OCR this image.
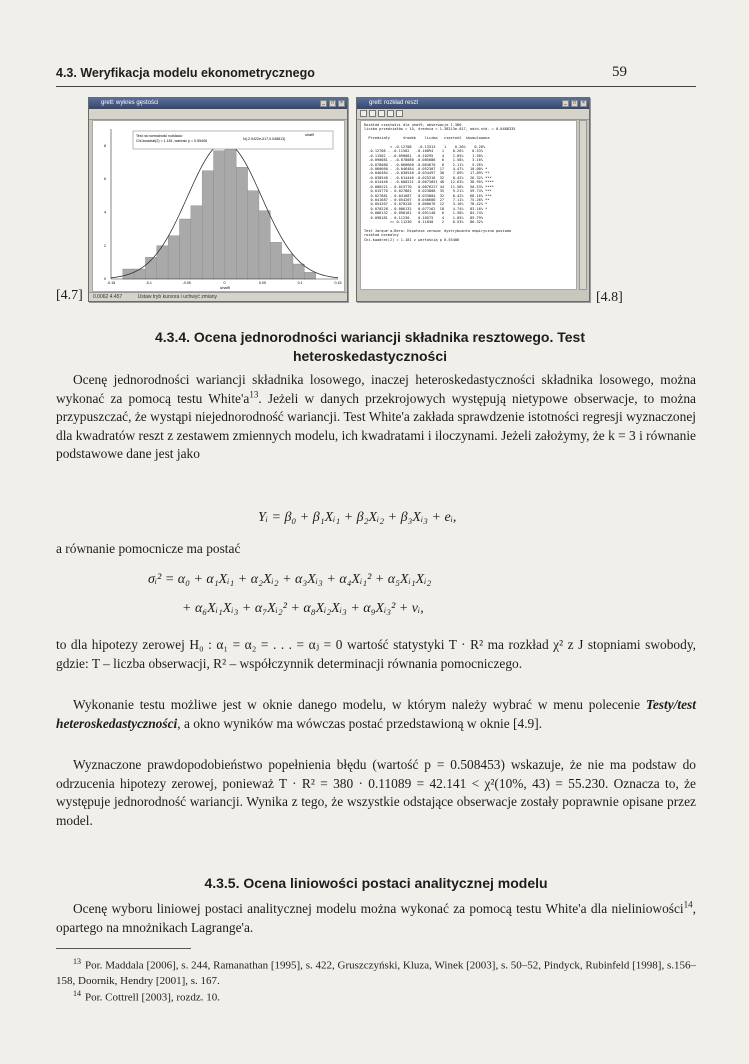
4.3. Weryfikacja modelu ekonometrycznego	59
gretl: wykres gęstości	_	□	×
-0.15	-0.1	-0.05	0	0.05	0.1	0.15
0
2
4
6
8
uhat9
Test na normalność rozkładu:
Chi-kwadrat(2) = 1.181, wartość p = 0.55406	N(-2.0422e-017,0.048813)
uhat9
0.0062 4.457	Ustaw tryb kursora i uchwyć zmiany
gretl: rozkład reszt	_	□	×
Rozkład częstości dla uhat9, obserwacje 1-380
liczba przedziałów = 15, średnia = 1.38213e-017, odch.std. = 0.0488335

Przedziały      środek    liczba   częstość  skumulowana

< -0.12708   -0.13313    1    0.26%    0.26%
-0.12708 - -0.11502   -0.10894    1    0.26%    0.53%
-0.11502 - -0.090081  -0.10295    4    1.05%    1.58%
-0.090081 - -0.078080 -0.085086   6    1.58%    3.16%
-0.078080 - -0.060660 -0.064670   8    2.11%    5.26%
-0.060660 - -0.046484 -0.052307  17    4.47%   10.00% *
-0.046484 - -0.030548 -0.034497  30    7.89%   17.89% **
-0.030548 - -0.014446 -0.025316  32    8.42%   26.32% ***
-0.014446 - -0.000221 -0.0073051 48   12.63%   38.95% ****
-0.000221 - 0.015770   0.0076227 44   11.58%   50.53% ****
0.015770 - 0.027881   0.023808  35    9.21%   59.74% ***
0.027881 - 0.041687   0.033804  32    8.42%   68.16% ***
0.041687 - 0.054207   0.048680  27    7.11%   75.26% **
0.054207 - 0.070228   0.060076  12    3.16%   78.42% *
0.070228 - 0.086132   0.077162  18    4.74%   83.16% *
0.086132 - 0.098181   0.091148   6    1.58%   84.74%
0.098181 - 0.11230    0.10575    4    1.05%   85.79%
>= 0.11230   0.11840    2    0.53%   86.32%

Test Jarque'a-Bera: Hipoteza zerowa: dystrybuanta empiryczna posiada
rozkład normalny
Chi-kwadrat(2) = 1.181 z wartością p 0.55406
[4.7]	[4.8]
4.3.4. Ocena jednorodności wariancji składnika resztowego. Test heteroskedastyczności
Ocenę jednorodności wariancji składnika losowego, inaczej heteroskedastyczności składnika losowego, można wykonać za pomocą testu $White'a^{13}$. Jeżeli w danych przekrojowych występują nietypowe obserwacje, to można przypuszczać, że wystąpi niejednorodność wariancji. Test White'a zakłada sprawdzenie istotności regresji wyznaczonej dla kwadratów reszt z zestawem zmiennych modelu, ich kwadratami i iloczynami. Jeżeli założymy, że k = 3 i równanie podstawowe dane jest jako
Yᵢ = β₀ + β₁Xᵢ₁ + β₂Xᵢ₂ + β₃Xᵢ₃ + eᵢ,
a równanie pomocnicze ma postać
σᵢ² = α₀ + α₁Xᵢ₁ + α₂Xᵢ₂ + α₃Xᵢ₃ + α₄Xᵢ₁² + α₅Xᵢ₁Xᵢ₂
+ α₆Xᵢ₁Xᵢ₃ + α₇Xᵢ₂² + α₈Xᵢ₂Xᵢ₃ + α₉Xᵢ₃² + vᵢ,
to dla hipotezy zerowej H₀ : α₁ = α₂ = . . . = αⱼ = 0 wartość statystyki T · R² ma rozkład χ² z J stopniami swobody, gdzie: T – liczba obserwacji, R² – współczynnik determinacji równania pomocniczego.
Wykonanie testu możliwe jest w oknie danego modelu, w którym należy wybrać w menu polecenie Testy/test heteroskedastyczności, a okno wyników ma wówczas postać przedstawioną w oknie [4.9].
Wyznaczone prawdopodobieństwo popełnienia błędu (wartość p = 0.508453) wskazuje, że nie ma podstaw do odrzucenia hipotezy zerowej, ponieważ T · R² = 380 · 0.11089 = 42.141 < χ²(10%, 43) = 55.230. Oznacza to, że występuje jednorodność wariancji. Wynika z tego, że wszystkie odstające obserwacje zostały poprawnie opisane przez model.
4.3.5. Ocena liniowości postaci analitycznej modelu
Ocenę wyboru liniowej postaci analitycznej modelu można wykonać za pomocą testu White'a dla nieliniowości$^{14}$, opartego na mnożnikach Lagrange'a.
$^{13}$ Por. Maddala [2006], s. 244, Ramanathan [1995], s. 422, Gruszczyński, Kluza, Winek [2003], s. 50–52, Pindyck, Rubinfeld [1998], s.156–158, Doornik, Hendry [2001], s. 167.
$^{14}$ Por. Cottrell [2003], rozdz. 10.
